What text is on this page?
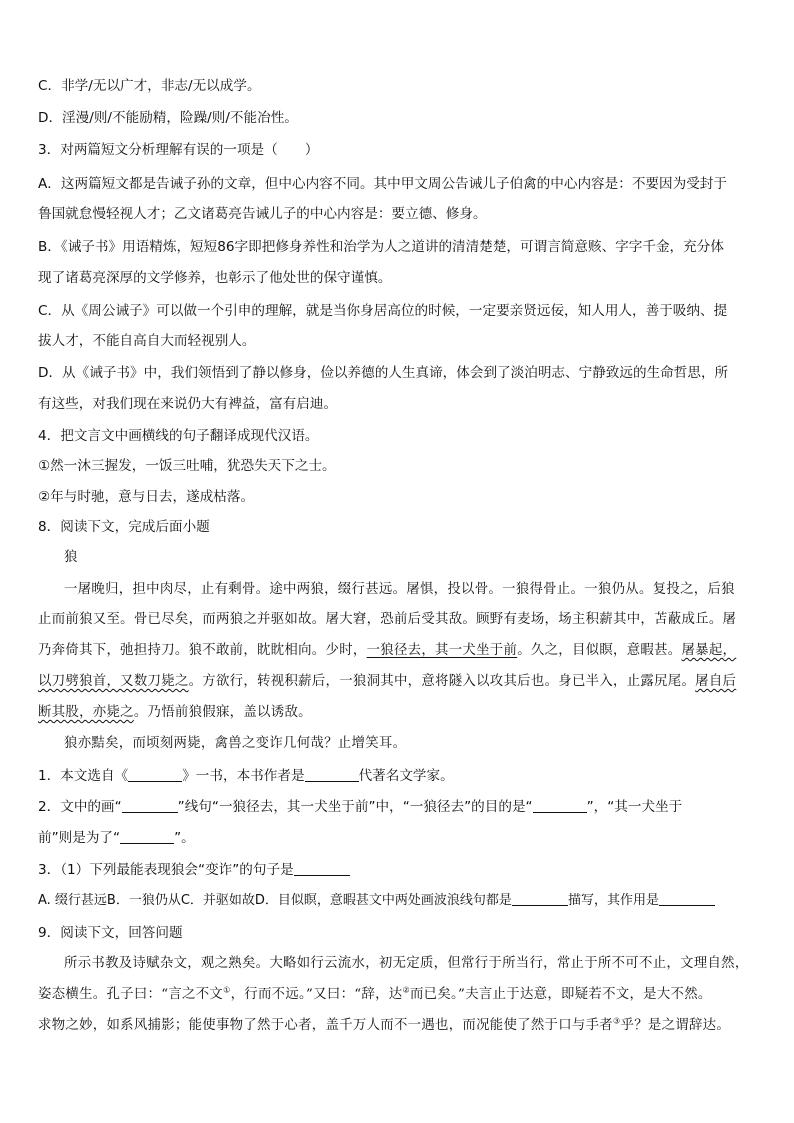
C．非学/无以广才，非志/无以成学。

D．淫漫/则/不能励精，险躁/则/不能冶性。

3．对两篇短文分析理解有误的一项是（　　）

A．这两篇短文都是告诫子孙的文章，但中心内容不同。其中甲文周公告诫儿子伯禽的中心内容是：不要因为受封于

鲁国就怠慢轻视人才；乙文诸葛亮告诫儿子的中心内容是：要立德、修身。

B．《诫子书》用语精炼，短短86字即把修身养性和治学为人之道讲的清清楚楚，可谓言简意赅、字字千金，充分体

现了诸葛亮深厚的文学修养，也彰示了他处世的保守谨慎。

C．从《周公诫子》可以做一个引申的理解，就是当你身居高位的时候，一定要亲贤远佞，知人用人，善于吸纳、提

拔人才，不能自高自大而轻视别人。

D．从《诫子书》中，我们领悟到了静以修身，俭以养德的人生真谛，体会到了淡泊明志、宁静致远的生命哲思，所

有这些，对我们现在来说仍大有裨益，富有启迪。

4．把文言文中画横线的句子翻译成现代汉语。

①然一沐三握发，一饭三吐哺，犹恐失天下之士。

②年与时驰，意与日去，遂成枯落。

8．阅读下文，完成后面小题

狼

一屠晚归，担中肉尽，止有剩骨。途中两狼，缀行甚远。屠惧，投以骨。一狼得骨止。一狼仍从。复投之，后狼

止而前狼又至。骨已尽矣，而两狼之并驱如故。屠大窘，恐前后受其敌。顾野有麦场，场主积薪其中，苫蔽成丘。屠

乃奔倚其下，弛担持刀。狼不敢前，眈眈相向。少时，一狼径去，其一犬坐于前。久之，目似瞑，意暇甚。屠暴起，

以刀劈狼首，又数刀毙之。方欲行，转视积薪后，一狼洞其中，意将隧入以攻其后也。身已半入，止露尻尾。屠自后

断其股，亦毙之。乃悟前狼假寐，盖以诱敌。

狼亦黠矣，而顷刻两毙，禽兽之变诈几何哉？止增笑耳。

1．本文选自《	》一书，本书作者是	代著名文学家。

2．文中的画“	”线句“一狼径去，其一犬坐于前”中，“一狼径去”的目的是“	”，“其一犬坐于

前”则是为了“	”。

3．（1）下列最能表现狼会“变诈”的句子是

A. 缀行甚远B．一狼仍从C．并驱如故D．目似瞑，意暇甚文中两处画波浪线句都是	描写，其作用是

9．阅读下文，回答问题

所示书教及诗赋杂文，观之熟矣。大略如行云流水，初无定质，但常行于所当行，常止于所不可不止，文理自然，

姿态横生。孔子曰：“言之不文①，行而不远。”又曰：“辞，达②而已矣。”夫言止于达意，即疑若不文，是大不然。

求物之妙，如系风捕影；能使事物了然于心者，盖千万人而不一遇也，而况能使了然于口与手者③乎？是之谓辞达。
